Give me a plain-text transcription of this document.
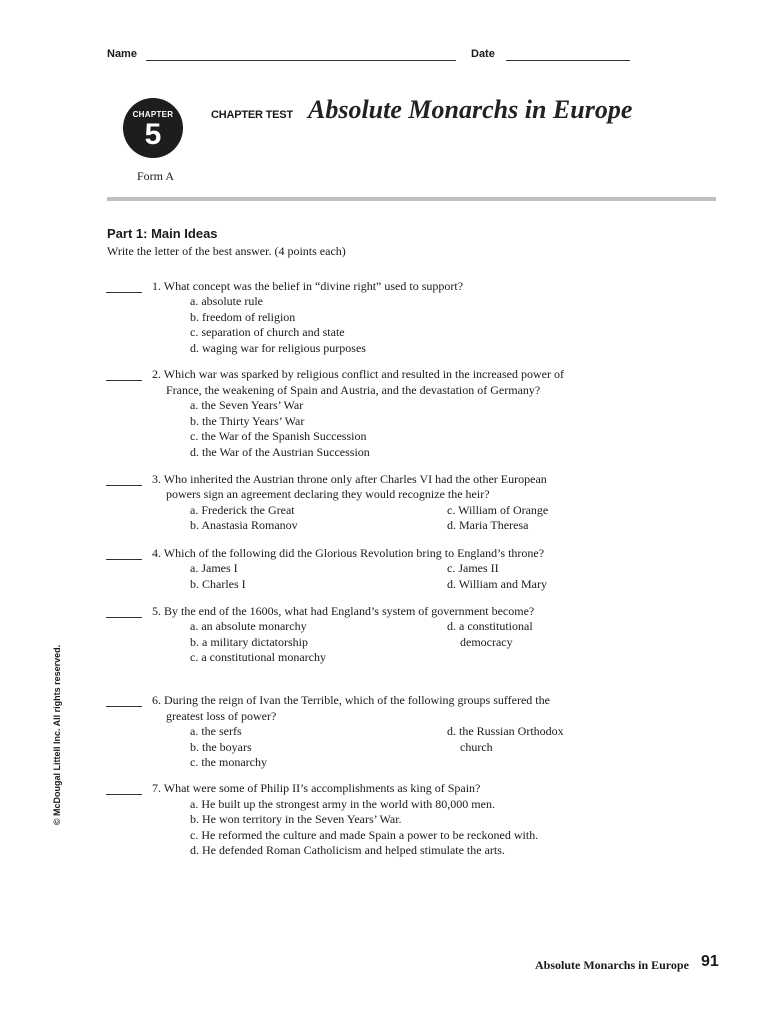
Name	Date
CHAPTER
5
CHAPTER TEST Absolute Monarchs in Europe
Form A
Part 1: Main Ideas
Write the letter of the best answer. (4 points each)
1. What concept was the belief in “divine right” used to support?
a. absolute rule
b. freedom of religion
c. separation of church and state
d. waging war for religious purposes
2. Which war was sparked by religious conflict and resulted in the increased power of
France, the weakening of Spain and Austria, and the devastation of Germany?
a. the Seven Years’ War
b. the Thirty Years’ War
c. the War of the Spanish Succession
d. the War of the Austrian Succession
3. Who inherited the Austrian throne only after Charles VI had the other European
powers sign an agreement declaring they would recognize the heir?
a. Frederick the Great
b. Anastasia Romanov
c. William of Orange
d. Maria Theresa
4. Which of the following did the Glorious Revolution bring to England’s throne?
a. James I
b. Charles I
c. James II
d. William and Mary
5. By the end of the 1600s, what had England’s system of government become?
a. an absolute monarchy
b. a military dictatorship
c. a constitutional monarchy
d. a constitutional
democracy
6. During the reign of Ivan the Terrible, which of the following groups suffered the
greatest loss of power?
a. the serfs
b. the boyars
c. the monarchy
d. the Russian Orthodox
church
7. What were some of Philip II’s accomplishments as king of Spain?
a. He built up the strongest army in the world with 80,000 men.
b. He won territory in the Seven Years’ War.
c. He reformed the culture and made Spain a power to be reckoned with.
d. He defended Roman Catholicism and helped stimulate the arts.
© McDougal Littell Inc. All rights reserved.
Absolute Monarchs in Europe 91
